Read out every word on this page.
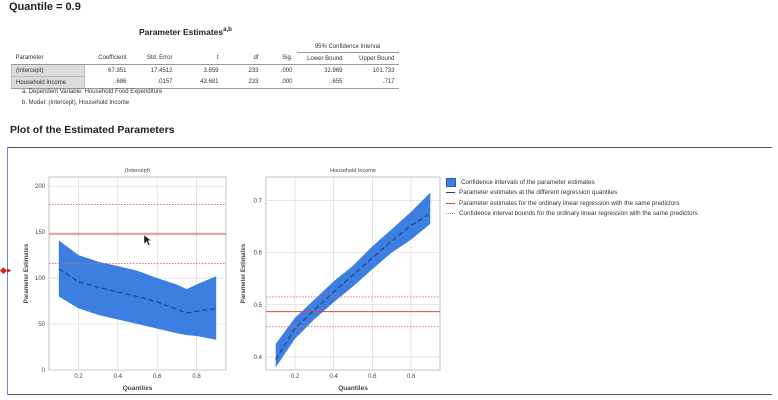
Quantile = 0.9
Parameter Estimates$^{a,b}$
						95% Confidence Interval	
Parameter	Coefficient	Std. Error	t	df	Sig.	Lower Bound	Upper Bound
(Intercept)	67.351	17.4512	3.859	233	.000	32.969	101.733
Household Income	.686	.0157	43.681	233	.000	.655	.717
a. Dependent Variable: Household Food Expenditure
b. Model: (Intercept), Household Income
Plot of the Estimated Parameters
◆▸
0.2	0.4	0.6	0.8
0
50
100
150
200
(Intercept)
Quantiles
Parameter Estimates
0.2	0.4	0.6	0.8
0.4
0.5
0.6
0.7
Household Income
Quantiles
Parameter Estimates
Confidence intervals of the parameter estimates
Parameter estimates at the different regression quantiles
Parameter estimates for the ordinary linear regression with the same predictors
Confidence interval bounds for the ordinary linear regression with the same predictors
